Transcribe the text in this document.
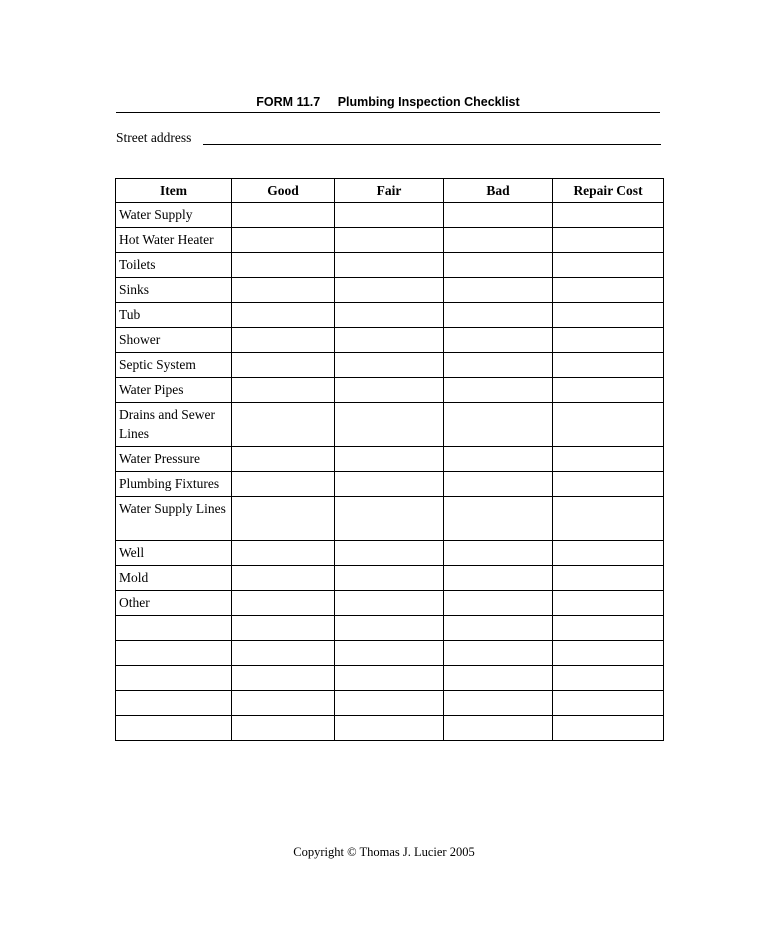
FORM 11.7 Plumbing Inspection Checklist
Street address
Item	Good	Fair	Bad	Repair Cost
Water Supply				
Hot Water Heater				
Toilets				
Sinks				
Tub				
Shower				
Septic System				
Water Pipes				
Drains and Sewer Lines				
Water Pressure				
Plumbing Fixtures				
Water Supply Lines				
Well				
Mold				
Other				

Copyright © Thomas J. Lucier 2005
